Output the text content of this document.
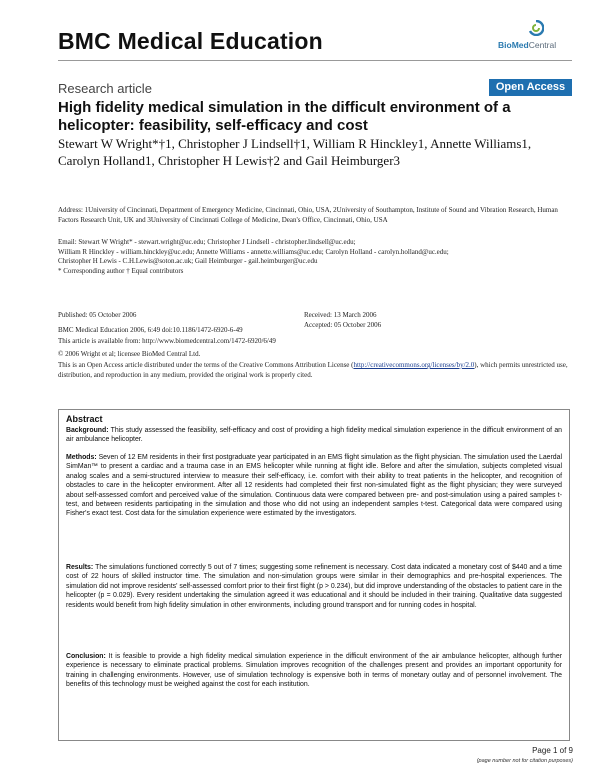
BMC Medical Education	BioMedCentral
Research article	Open Access
High fidelity medical simulation in the difficult environment of a helicopter: feasibility, self-efficacy and cost
Stewart W Wright*†1, Christopher J Lindsell†1, William R Hinckley1, Annette Williams1, Carolyn Holland1, Christopher H Lewis†2 and Gail Heimburger3
Address: 1University of Cincinnati, Department of Emergency Medicine, Cincinnati, Ohio, USA, 2University of Southampton, Institute of Sound and Vibration Research, Human Factors Research Unit, UK and 3University of Cincinnati College of Medicine, Dean's Office, Cincinnati, Ohio, USA
Email: Stewart W Wright* - stewart.wright@uc.edu; Christopher J Lindsell - christopher.lindsell@uc.edu;
William R Hinckley - william.hinckley@uc.edu; Annette Williams - annette.williams@uc.edu; Carolyn Holland - carolyn.holland@uc.edu;
Christopher H Lewis - C.H.Lewis@soton.ac.uk; Gail Heimburger - gail.heimburger@uc.edu
* Corresponding author † Equal contributors
Published: 05 October 2006
BMC Medical Education 2006, 6:49 doi:10.1186/1472-6920-6-49
Received: 13 March 2006
Accepted: 05 October 2006
This article is available from: http://www.biomedcentral.com/1472-6920/6/49
© 2006 Wright et al; licensee BioMed Central Ltd.
This is an Open Access article distributed under the terms of the Creative Commons Attribution License (http://creativecommons.org/licenses/by/2.0), which permits unrestricted use, distribution, and reproduction in any medium, provided the original work is properly cited.
Abstract
Background: This study assessed the feasibility, self-efficacy and cost of providing a high fidelity medical simulation experience in the difficult environment of an air ambulance helicopter.
Methods: Seven of 12 EM residents in their first postgraduate year participated in an EMS flight simulation as the flight physician. The simulation used the Laerdal SimMan™ to present a cardiac and a trauma case in an EMS helicopter while running at flight idle. Before and after the simulation, subjects completed visual analog scales and a semi-structured interview to measure their self-efficacy, i.e. comfort with their ability to treat patients in the helicopter, and recognition of obstacles to care in the helicopter environment. After all 12 residents had completed their first non-simulated flight as the flight physician; they were surveyed about self-assessed comfort and perceived value of the simulation. Continuous data were compared between pre- and post-simulation using a paired samples t-test, and between residents participating in the simulation and those who did not using an independent samples t-test. Categorical data were compared using Fisher's exact test. Cost data for the simulation experience were estimated by the investigators.
Results: The simulations functioned correctly 5 out of 7 times; suggesting some refinement is necessary. Cost data indicated a monetary cost of $440 and a time cost of 22 hours of skilled instructor time. The simulation and non-simulation groups were similar in their demographics and pre-hospital experiences. The simulation did not improve residents' self-assessed comfort prior to their first flight (p > 0.234), but did improve understanding of the obstacles to patient care in the helicopter (p = 0.029). Every resident undertaking the simulation agreed it was educational and it should be included in their training. Qualitative data suggested residents would benefit from high fidelity simulation in other environments, including ground transport and for running codes in hospital.
Conclusion: It is feasible to provide a high fidelity medical simulation experience in the difficult environment of the air ambulance helicopter, although further experience is necessary to eliminate practical problems. Simulation improves recognition of the challenges present and provides an important opportunity for training in challenging environments. However, use of simulation technology is expensive both in terms of monetary outlay and of personnel involvement. The benefits of this technology must be weighed against the cost for each institution.
Page 1 of 9
(page number not for citation purposes)
